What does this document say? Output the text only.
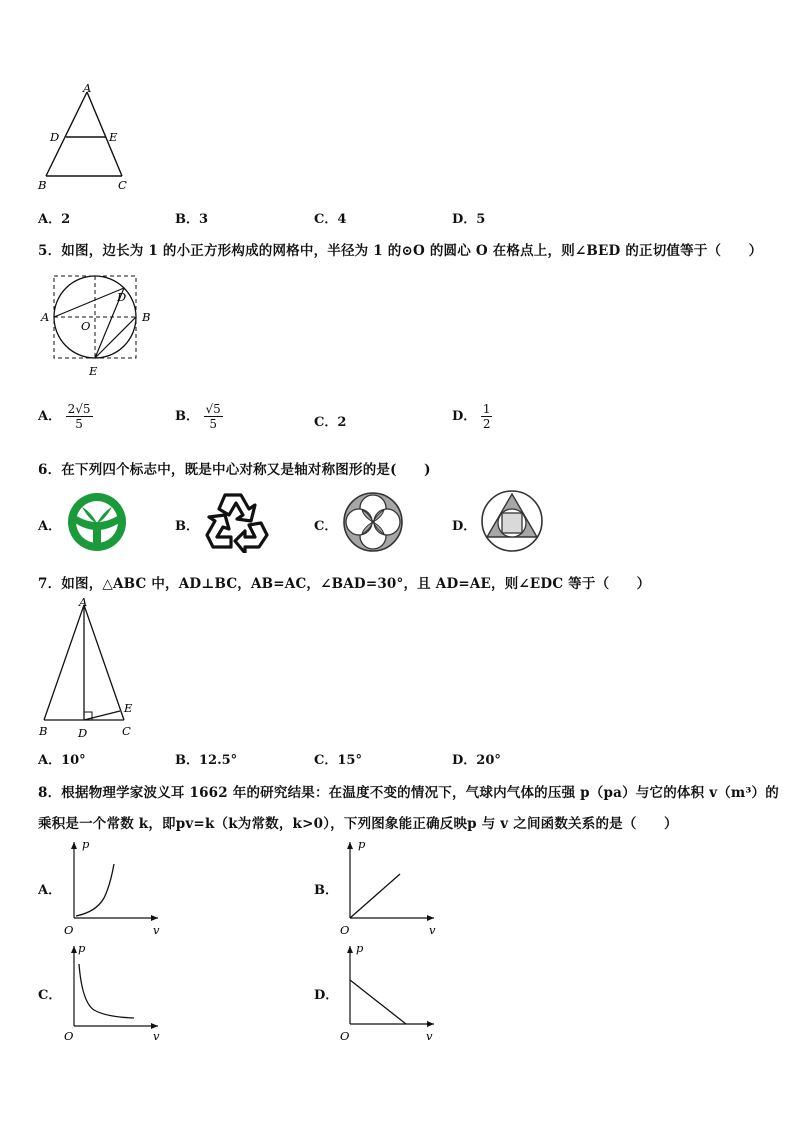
A
D	E
B	C
A．2	B．3	C．4	D．5
5．如图，边长为 1 的小正方形构成的网格中，半径为 1 的⊙O 的圆心 O 在格点上，则∠BED 的正切值等于（　　）
A	B
O
D
E
A． $\frac{2√5}{5}$	B． $\frac{√5}{5}$	C．2	D． $\frac{1}{2}$
6．在下列四个标志中，既是中心对称又是轴对称图形的是(　　)
A．	B．	C．	D．
7．如图，△ABC 中，AD⊥BC，AB=AC，∠BAD=30°，且 AD=AE，则∠EDC 等于（　　）
A
B	D	C
E
A．10°	B．12.5°	C．15°	D．20°
8．根据物理学家波义耳 1662 年的研究结果：在温度不变的情况下，气球内气体的压强 p（pa）与它的体积 v（m³）的
乘积是一个常数 k，即pv=k（k为常数，k>0），下列图象能正确反映p 与 v 之间函数关系的是（　　）
A．
p
O	v
B．
p
O	v
C．
p
O	v
D．
p
O	v
